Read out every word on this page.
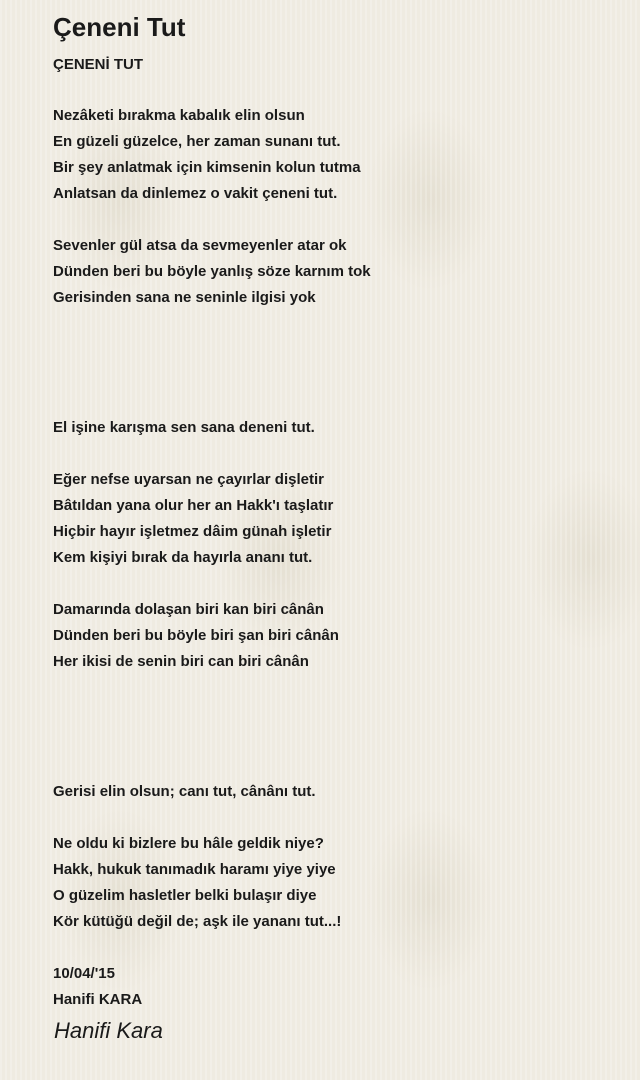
Çeneni Tut
ÇENENİ TUT
Nezâketi bırakma kabalık elin olsun
En güzeli güzelce, her zaman sunanı tut.
Bir şey anlatmak için kimsenin kolun tutma
Anlatsan da dinlemez o vakit çeneni tut.
Sevenler gül atsa da sevmeyenler atar ok
Dünden beri bu böyle yanlış söze karnım tok
Gerisinden sana ne seninle ilgisi yok
El işine karışma sen sana deneni tut.
Eğer nefse uyarsan ne çayırlar dişletir
Bâtıldan yana olur her an Hakk'ı taşlatır
Hiçbir hayır işletmez dâim günah işletir
Kem kişiyi bırak da hayırla ananı tut.
Damarında dolaşan biri kan biri cânân
Dünden beri bu böyle biri şan biri cânân
Her ikisi de senin biri can biri cânân
Gerisi elin olsun; canı tut, cânânı tut.
Ne oldu ki bizlere bu hâle geldik niye?
Hakk, hukuk tanımadık haramı yiye yiye
O güzelim hasletler belki bulaşır diye
Kör kütüğü değil de; aşk ile yananı tut...!
10/04/'15
Hanifi KARA
Hanifi Kara
